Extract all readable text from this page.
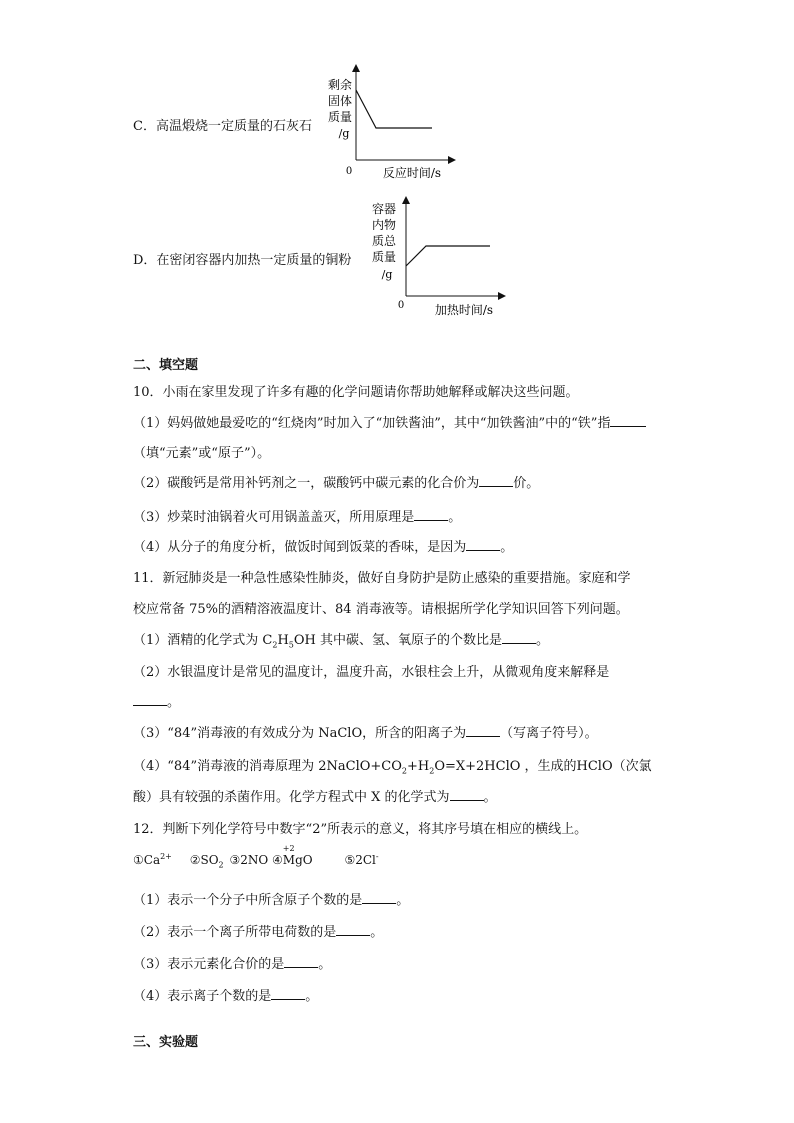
C．高温煅烧一定质量的石灰石
剩余
固体
质量
/g
0	反应时间/s
D．在密闭容器内加热一定质量的铜粉
容器
内物
质总
质量
/g
0	加热时间/s
二、填空题
10．小雨在家里发现了许多有趣的化学问题请你帮助她解释或解决这些问题。
（1）妈妈做她最爱吃的“红烧肉”时加入了“加铁酱油”，其中“加铁酱油”中的“铁”指
（填“元素”或“原子”）。
（2）碳酸钙是常用补钙剂之一，碳酸钙中碳元素的化合价为	价。
（3）炒菜时油锅着火可用锅盖盖灭，所用原理是	。
（4）从分子的角度分析，做饭时闻到饭菜的香味，是因为	。
11．新冠肺炎是一种急性感染性肺炎，做好自身防护是防止感染的重要措施。家庭和学
校应常备 75%的酒精溶液温度计、84 消毒液等。请根据所学化学知识回答下列问题。
（1）酒精的化学式为 $C_2H_5OH$ 其中碳、氢、氧原子的个数比是	。
（2）水银温度计是常见的温度计，温度升高，水银柱会上升，从微观角度来解释是
。
（3）“84”消毒液的有效成分为 NaClO，所含的阳离子为	（写离子符号）。
（4）“84”消毒液的消毒原理为 $2NaClO+CO_2+H_2O=X+2HClO$ ，生成的HClO（次氯
酸）具有较强的杀菌作用。化学方程式中 X 的化学式为	。
12．判断下列化学符号中数字“2”所表示的意义，将其序号填在相应的横线上。
$①Ca^{2+}$ $②SO_2$ ③2NO ④
+2
MgO	⑤2Cl-
（1）表示一个分子中所含原子个数的是	。
（2）表示一个离子所带电荷数的是	。
（3）表示元素化合价的是	。
（4）表示离子个数的是	。
三、实验题
